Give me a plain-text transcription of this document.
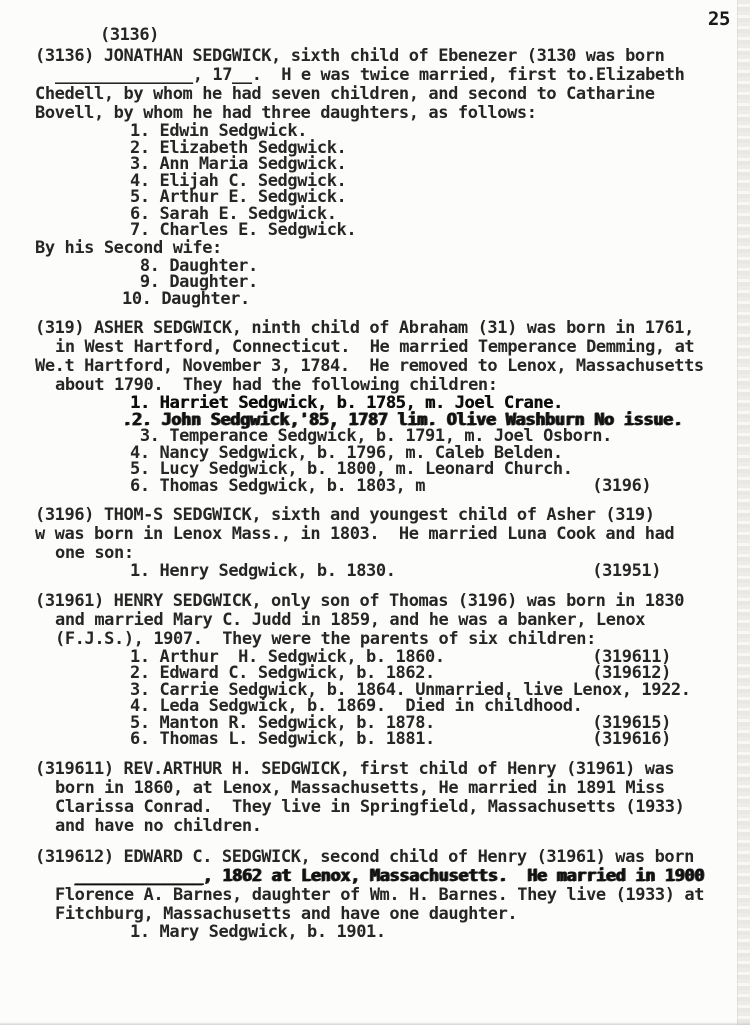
25
(3136)
(3136) JONATHAN SEDGWICK, sixth child of Ebenezer (3130 was born
______________, 17__.  H e was twice married, first to.Elizabeth
Chedell, by whom he had seven children, and second to Catharine
Bovell, by whom he had three daughters, as follows:
1. Edwin Sedgwick.
2. Elizabeth Sedgwick.
3. Ann Maria Sedgwick.
4. Elijah C. Sedgwick.
5. Arthur E. Sedgwick.
6. Sarah E. Sedgwick.
7. Charles E. Sedgwick.
By his Second wife:
8. Daughter.
9. Daughter.
10. Daughter.
(319) ASHER SEDGWICK, ninth child of Abraham (31) was born in 1761,
in West Hartford, Connecticut.  He married Temperance Demming, at
We.t Hartford, November 3, 1784.  He removed to Lenox, Massachusetts
about 1790.  They had the following children:
1. Harriet Sedgwick, b. 1785, m. Joel Crane.
.2. John Sedgwick,'85, 1787 lim. Olive Washburn No issue.
3. Temperance Sedgwick, b. 1791, m. Joel Osborn.
4. Nancy Sedgwick, b. 1796, m. Caleb Belden.
5. Lucy Sedgwick, b. 1800, m. Leonard Church.
6. Thomas Sedgwick, b. 1803, m                 (3196)
(3196) THOM-S SEDGWICK, sixth and youngest child of Asher (319)
w was born in Lenox Mass., in 1803.  He married Luna Cook and had
one son:
1. Henry Sedgwick, b. 1830.                    (31951)
(31961) HENRY SEDGWICK, only son of Thomas (3196) was born in 1830
and married Mary C. Judd in 1859, and he was a banker, Lenox
(F.J.S.), 1907.  They were the parents of six children:
1. Arthur  H. Sedgwick, b. 1860.               (319611)
2. Edward C. Sedgwick, b. 1862.                (319612)
3. Carrie Sedgwick, b. 1864. Unmarried, live Lenox, 1922.
4. Leda Sedgwick, b. 1869.  Died in childhood.
5. Manton R. Sedgwick, b. 1878.                (319615)
6. Thomas L. Sedgwick, b. 1881.                (319616)
(319611) REV.ARTHUR H. SEDGWICK, first child of Henry (31961) was
born in 1860, at Lenox, Massachusetts, He married in 1891 Miss
Clarissa Conrad.  They live in Springfield, Massachusetts (1933)
and have no children.
(319612) EDWARD C. SEDGWICK, second child of Henry (31961) was born
_____________, 1862 at Lenox, Massachusetts.  He married in 1900
Florence A. Barnes, daughter of Wm. H. Barnes. They live (1933) at
Fitchburg, Massachusetts and have one daughter.
1. Mary Sedgwick, b. 1901.
